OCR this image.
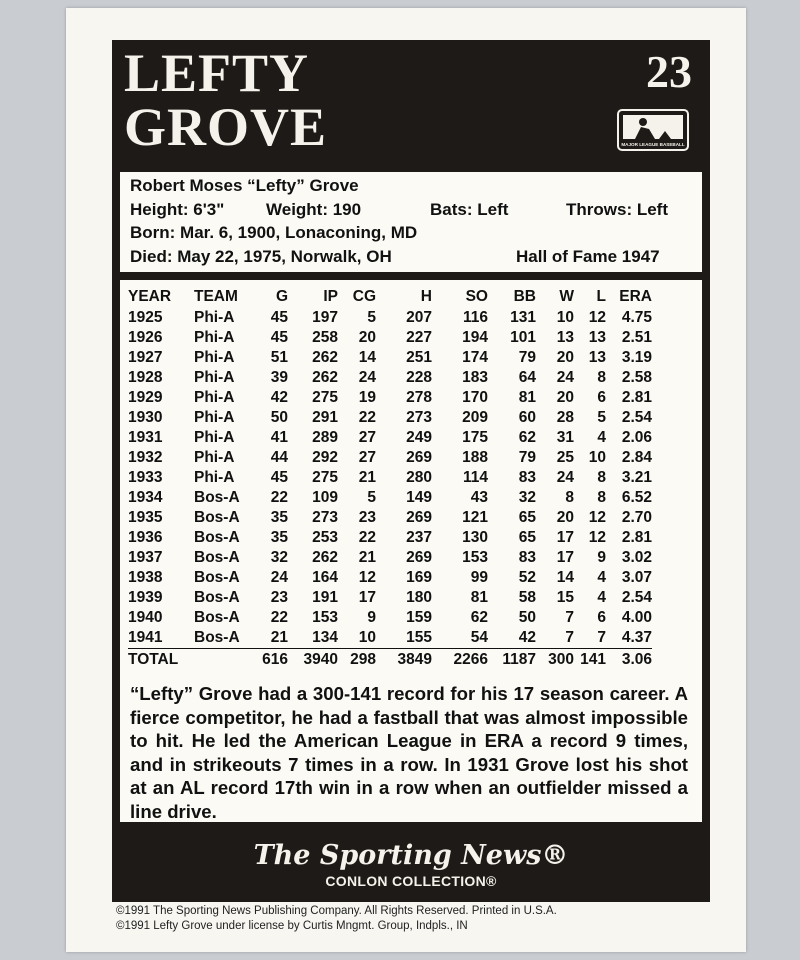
LEFTY
GROVE
23
MAJOR LEAGUE BASEBALL
Robert Moses “Lefty” Grove
Height: 6'3" Weight: 190	Bats: Left	Throws: Left
Born: Mar. 6, 1900, Lonaconing, MD
Died: May 22, 1975, Norwalk, OH	Hall of Fame 1947
YEAR	TEAM	G	IP	CG	H	SO	BB	W	L	ERA
1925	Phi-A	45	197	5	207	116	131	10	12	4.75
1926	Phi-A	45	258	20	227	194	101	13	13	2.51
1927	Phi-A	51	262	14	251	174	79	20	13	3.19
1928	Phi-A	39	262	24	228	183	64	24	8	2.58
1929	Phi-A	42	275	19	278	170	81	20	6	2.81
1930	Phi-A	50	291	22	273	209	60	28	5	2.54
1931	Phi-A	41	289	27	249	175	62	31	4	2.06
1932	Phi-A	44	292	27	269	188	79	25	10	2.84
1933	Phi-A	45	275	21	280	114	83	24	8	3.21
1934	Bos-A	22	109	5	149	43	32	8	8	6.52
1935	Bos-A	35	273	23	269	121	65	20	12	2.70
1936	Bos-A	35	253	22	237	130	65	17	12	2.81
1937	Bos-A	32	262	21	269	153	83	17	9	3.02
1938	Bos-A	24	164	12	169	99	52	14	4	3.07
1939	Bos-A	23	191	17	180	81	58	15	4	2.54
1940	Bos-A	22	153	9	159	62	50	7	6	4.00
1941	Bos-A	21	134	10	155	54	42	7	7	4.37
TOTAL		616	3940	298	3849	2266	1187	300	141	3.06

“Lefty” Grove had a 300-141 record for his 17 season career. A fierce competitor, he had a fastball that was almost impossible to hit. He led the American League in ERA a record 9 times, and in strikeouts 7 times in a row. In 1931 Grove lost his shot at an AL record 17th win in a row when an outfielder missed a line drive.

The Sporting News®
CONLON COLLECTION®
©1991 The Sporting News Publishing Company. All Rights Reserved. Printed in U.S.A.
©1991 Lefty Grove under license by Curtis Mngmt. Group, Indpls., IN
